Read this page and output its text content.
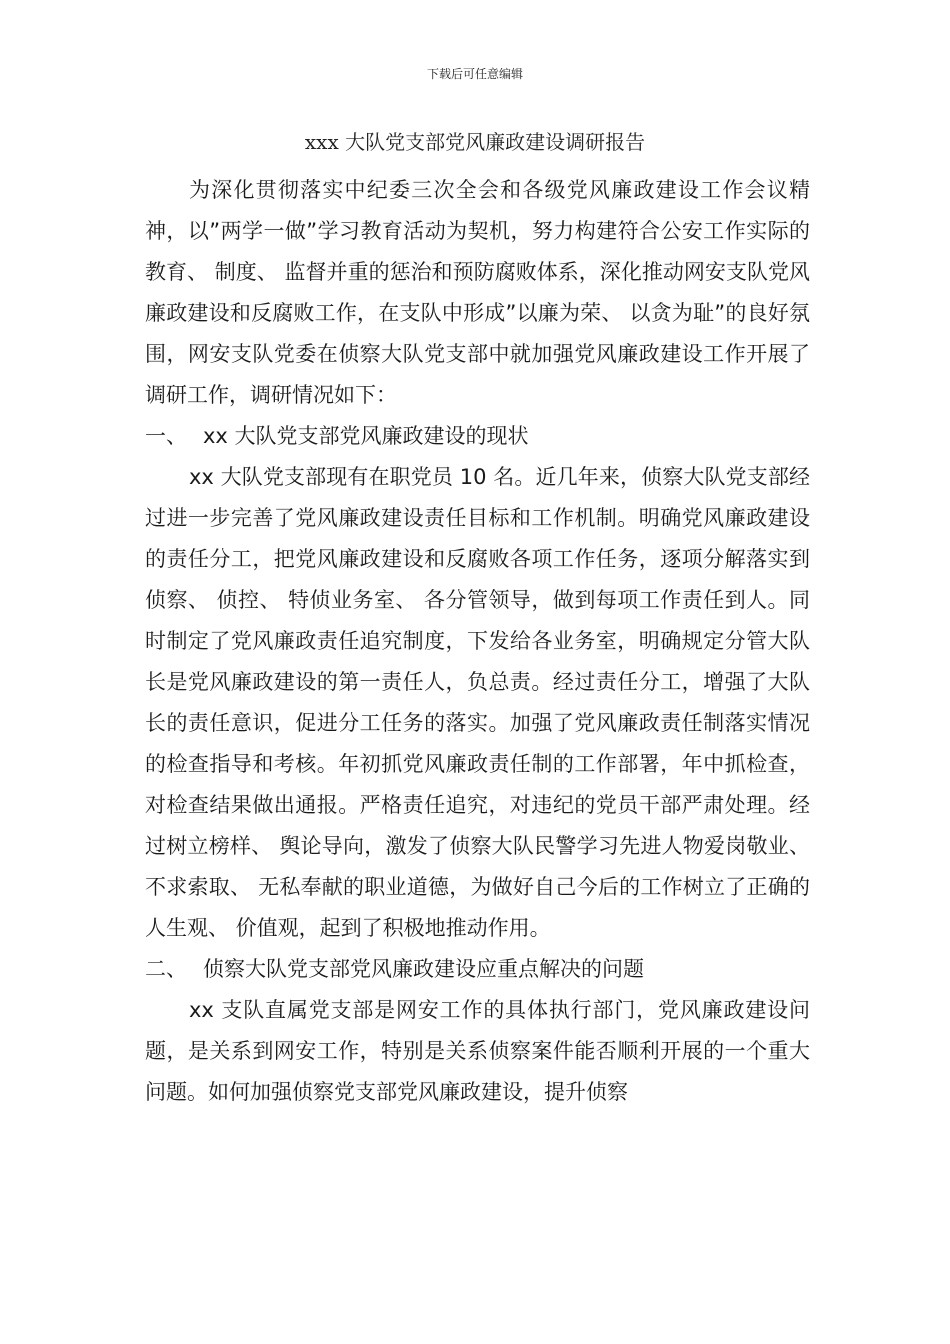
下载后可任意编辑
xxx 大队党支部党风廉政建设调研报告

为深化贯彻落实中纪委三次全会和各级党风廉政建设工作会议精神，以”两学一做”学习教育活动为契机，努力构建符合公安工作实际的教育、 制度、 监督并重的惩治和预防腐败体系，深化推动网安支队党风廉政建设和反腐败工作，在支队中形成”以廉为荣、 以贪为耻”的良好氛围，网安支队党委在侦察大队党支部中就加强党风廉政建设工作开展了调研工作，调研情况如下：

一、 xx 大队党支部党风廉政建设的现状

xx 大队党支部现有在职党员 10 名。近几年来，侦察大队党支部经过进一步完善了党风廉政建设责任目标和工作机制。明确党风廉政建设的责任分工，把党风廉政建设和反腐败各项工作任务，逐项分解落实到侦察、 侦控、 特侦业务室、 各分管领导，做到每项工作责任到人。同时制定了党风廉政责任追究制度，下发给各业务室，明确规定分管大队长是党风廉政建设的第一责任人，负总责。经过责任分工，增强了大队长的责任意识，促进分工任务的落实。加强了党风廉政责任制落实情况的检查指导和考核。年初抓党风廉政责任制的工作部署，年中抓检查，对检查结果做出通报。严格责任追究，对违纪的党员干部严肃处理。经过树立榜样、 舆论导向，激发了侦察大队民警学习先进人物爱岗敬业、不求索取、 无私奉献的职业道德，为做好自己今后的工作树立了正确的人生观、 价值观，起到了积极地推动作用。

二、 侦察大队党支部党风廉政建设应重点解决的问题

xx 支队直属党支部是网安工作的具体执行部门，党风廉政建设问题，是关系到网安工作，特别是关系侦察案件能否顺利开展的一个重大问题。如何加强侦察党支部党风廉政建设，提升侦察
